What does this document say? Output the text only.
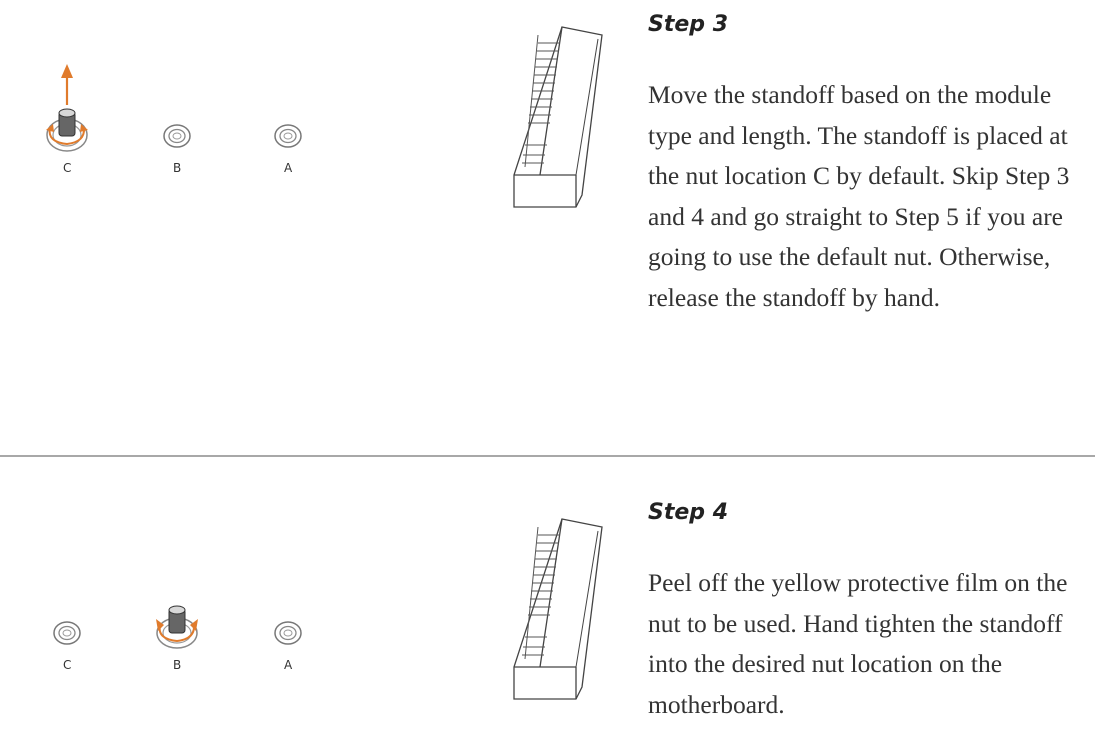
C	B	A
Step 3

Move the standoff based on the module type and length. The standoff is placed at the nut location C by default. Skip Step 3 and 4 and go straight to Step 5 if you are going to use the default nut. Otherwise, release the standoff by hand.

C	B	A
Step 4

Peel off the yellow protective film on the nut to be used. Hand tighten the standoff into the desired nut location on the motherboard.
